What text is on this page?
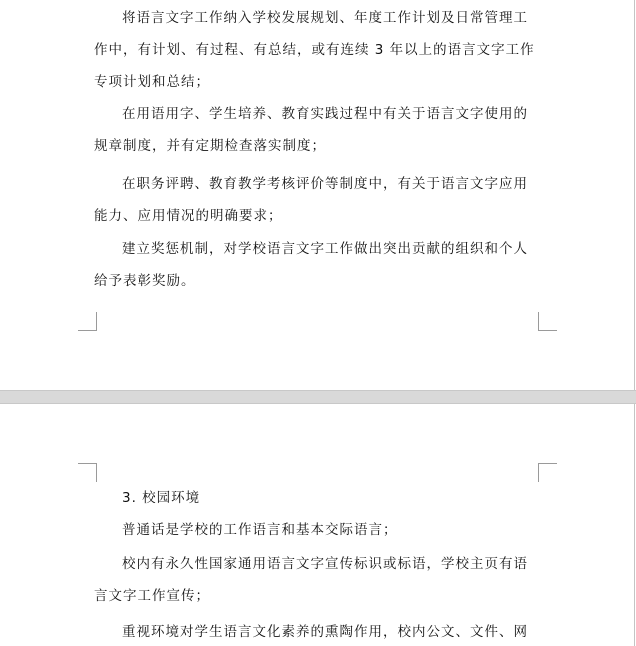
将语言文字工作纳入学校发展规划、年度工作计划及日常管理工作中，有计划、有过程、有总结，或有连续 3 年以上的语言文字工作专项计划和总结；

在用语用字、学生培养、教育实践过程中有关于语言文字使用的规章制度，并有定期检查落实制度；

在职务评聘、教育教学考核评价等制度中，有关于语言文字应用能力、应用情况的明确要求；

建立奖惩机制，对学校语言文字工作做出突出贡献的组织和个人给予表彰奖励。

3. 校园环境

普通话是学校的工作语言和基本交际语言；

校内有永久性国家通用语言文字宣传标识或标语，学校主页有语言文字工作宣传；

重视环境对学生语言文化素养的熏陶作用，校内公文、文件、网
